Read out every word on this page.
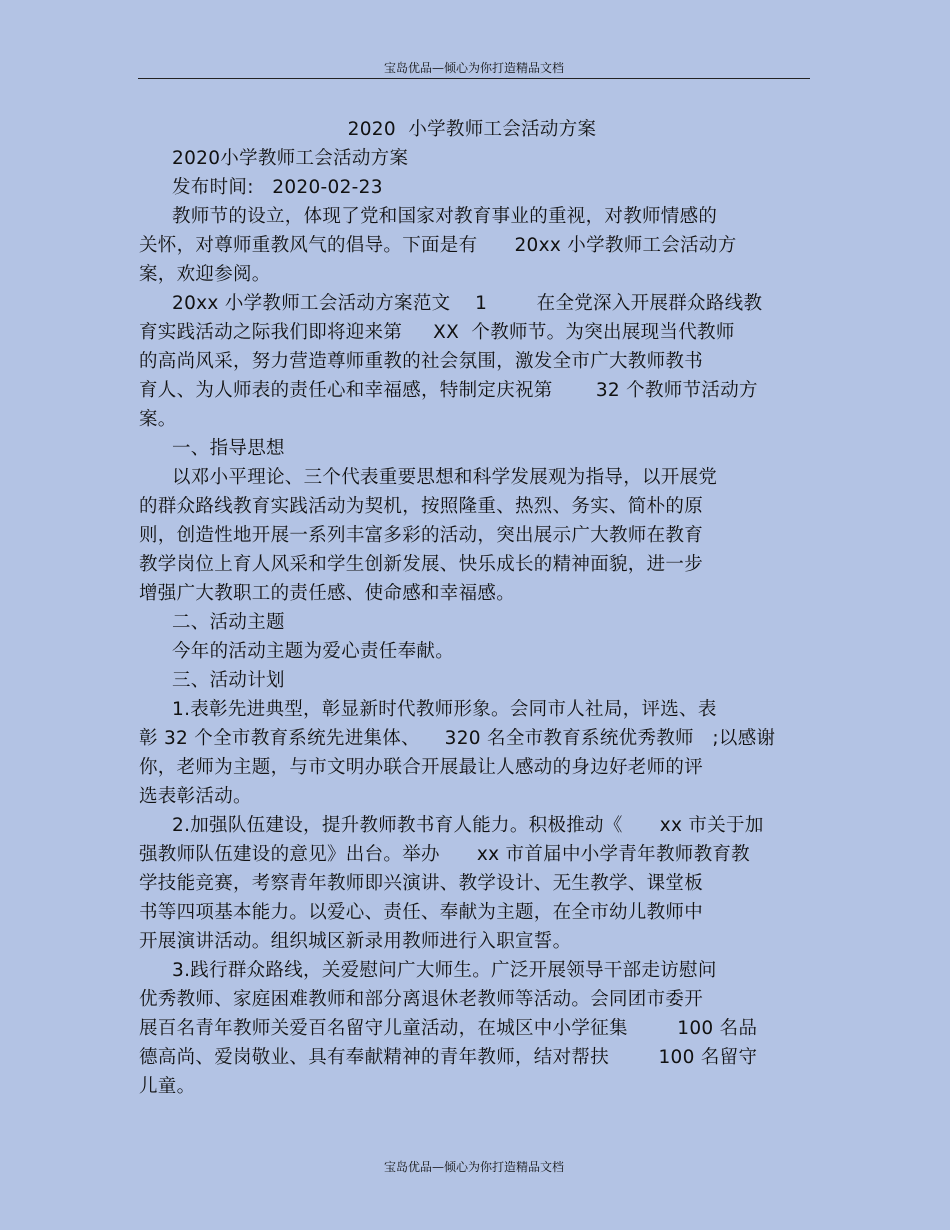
宝岛优品—倾心为你打造精品文档
2020  小学教师工会活动方案
2020小学教师工会活动方案
发布时间:   2020-02-23
教师节的设立，体现了党和国家对教育事业的重视，对教师情感的
关怀，对尊师重教风气的倡导。下面是有      20xx 小学教师工会活动方
案，欢迎参阅。
20xx 小学教师工会活动方案范文    1        在全党深入开展群众路线教
育实践活动之际我们即将迎来第     XX  个教师节。为突出展现当代教师
的高尚风采，努力营造尊师重教的社会氛围，激发全市广大教师教书
育人、为人师表的责任心和幸福感，特制定庆祝第       32 个教师节活动方
案。
一、指导思想
以邓小平理论、三个代表重要思想和科学发展观为指导，以开展党
的群众路线教育实践活动为契机，按照隆重、热烈、务实、简朴的原
则，创造性地开展一系列丰富多彩的活动，突出展示广大教师在教育
教学岗位上育人风采和学生创新发展、快乐成长的精神面貌，进一步
增强广大教职工的责任感、使命感和幸福感。
二、活动主题
今年的活动主题为爱心责任奉献。
三、活动计划
1.表彰先进典型，彰显新时代教师形象。会同市人社局，评选、表
彰 32 个全市教育系统先进集体、    320 名全市教育系统优秀教师   ;以感谢
你，老师为主题，与市文明办联合开展最让人感动的身边好老师的评
选表彰活动。
2.加强队伍建设，提升教师教书育人能力。积极推动《      xx 市关于加
强教师队伍建设的意见》出台。举办      xx 市首届中小学青年教师教育教
学技能竞赛，考察青年教师即兴演讲、教学设计、无生教学、课堂板
书等四项基本能力。以爱心、责任、奉献为主题，在全市幼儿教师中
开展演讲活动。组织城区新录用教师进行入职宣誓。
3.践行群众路线，关爱慰问广大师生。广泛开展领导干部走访慰问
优秀教师、家庭困难教师和部分离退休老教师等活动。会同团市委开
展百名青年教师关爱百名留守儿童活动，在城区中小学征集        100 名品
德高尚、爱岗敬业、具有奉献精神的青年教师，结对帮扶        100 名留守
儿童。
宝岛优品—倾心为你打造精品文档
